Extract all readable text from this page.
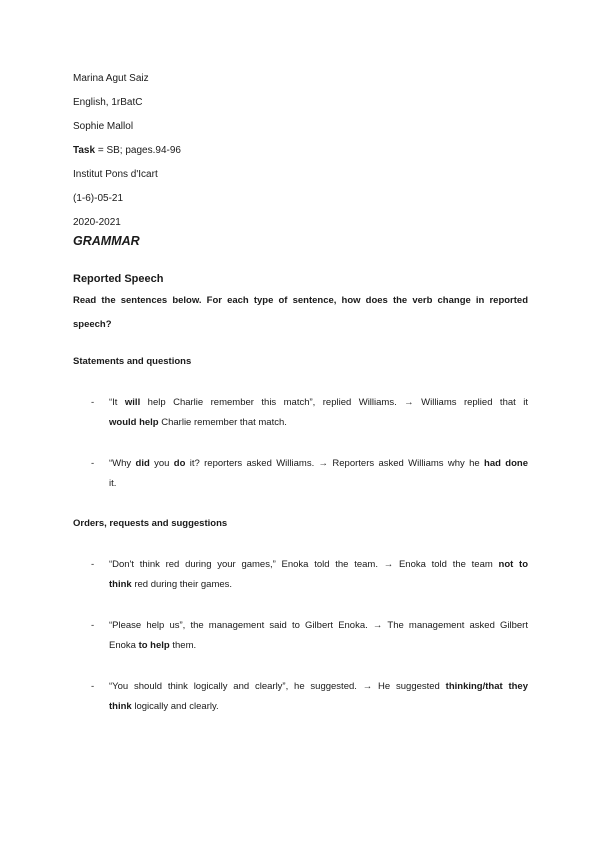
Marina Agut Saiz
English, 1rBatC
Sophie Mallol
Task = SB; pages.94-96
Institut Pons d'Icart
(1-6)-05-21
2020-2021
GRAMMAR
Reported Speech
Read the sentences below. For each type of sentence, how does the verb change in reported
speech?
Statements and questions
- “It will help Charlie remember this match”, replied Williams. → Williams replied that it
would help Charlie remember that match.
- “Why did you do it? reporters asked Williams. → Reporters asked Williams why he had done
it.
Orders, requests and suggestions
- “Don't think red during your games,” Enoka told the team. → Enoka told the team not to
think red during their games.
- “Please help us”, the management said to Gilbert Enoka. → The management asked Gilbert
Enoka to help them.
- “You should think logically and clearly”, he suggested. → He suggested thinking/that they
think logically and clearly.
